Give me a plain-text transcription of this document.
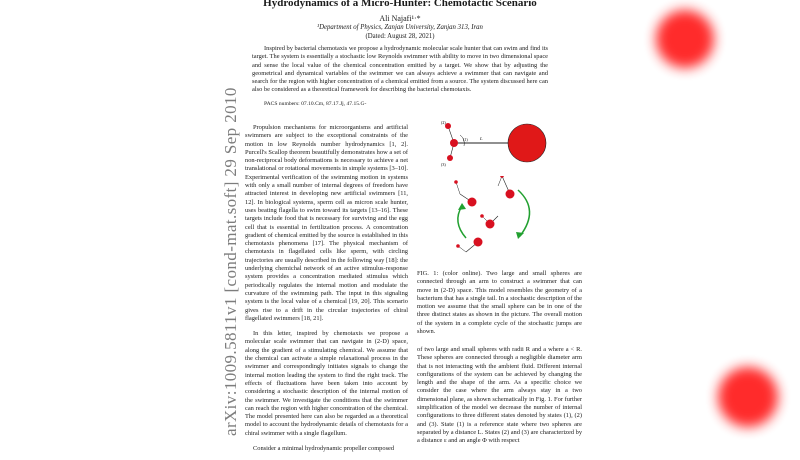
Hydrodynamics of a Micro-Hunter: Chemotactic Scenario
Ali Najafi¹·*
¹Department of Physics, Zanjan University, Zanjan 313, Iran
(Dated: August 28, 2021)

Inspired by bacterial chemotaxis we propose a hydrodynamic molecular scale hunter that can swim and find its target. The system is essentially a stochastic low Reynolds swimmer with ability to move in two dimensional space and sense the local value of the chemical concentration emitted by a target. We show that by adjusting the geometrical and dynamical variables of the swimmer we can always achieve a swimmer that can navigate and search for the region with higher concentration of a chemical emitted from a source. The system discussed here can also be considered as a theoretical framework for describing the bacterial chemotaxis.

PACS numbers: 07.10.Cm, 87.17.Jj, 47.15.G-
arXiv:1009.5811v1 [cond-mat.soft] 29 Sep 2010	Propulsion mechanisms for microorganisms and artificial swimmers are subject to the exceptional constraints of the motion in low Reynolds number hydrodynamics [1, 2]. Purcell's Scallop theorem beautifully demonstrates how a set of non-reciprocal body deformations is necessary to achieve a net translational or rotational movements in simple systems [3–10]. Experimental verification of the swimming motion in systems with only a small number of internal degrees of freedom have attracted interest in developing new artificial swimmers [11, 12]. In biological systems, sperm cell as micron scale hunter, uses beating flagella to swim toward its targets [13–16]. These targets include food that is necessary for surviving and the egg cell that is essential in fertilization process. A concentration gradient of chemical emitted by the source is established in this chemotaxis phenomena [17]. The physical mechanism of chemotaxis in flagellated cells like sperm, with circling trajectories are usually described in the following way [18]: the underlying chemichal network of an active stimulus-response system provides a concentration mediated stimulus which periodically regulates the internal motion and modulate the curvature of the swimming path. The input in this signaling system is the local value of a chemical [19, 20]. This scenario gives rise to a drift in the circular trajectories of chiral flagellated swimmers [18, 21].

In this letter, inspired by chemotaxis we propose a molecular scale swimmer that can navigate in (2-D) space, along the gradient of a stimulating chemical. We assume that the chemical can activate a simple relaxational process in the swimmer and correspondingly initiates signals to change the internal motion leading the system to find the right track. The effects of fluctuations have been taken into account by considering a stochastic description of the internal motion of the swimmer. We investigate the conditions that the swimmer can reach the region with higher concentration of the chemical. The model presented here can also be regarded as a theoretical model to account the hydrodynamic details of chemotaxis for a chiral swimmer with a single flagellum.

Consider a minimal hydrodynamic propeller composed

(2)
(1)
(3)
L

FIG. 1: (color online). Two large and small spheres are connected through an arm to construct a swimmer that can move in (2-D) space. This model resembles the geometry of a bacterium that has a single tail. In a stochastic description of the motion we assume that the small sphere can be in one of the three distinct states as shown in the picture. The overall motion of the system in a complete cycle of the stochastic jumps are shown.

of two large and small spheres with radii R and a where a < R. These spheres are connected through a negligible diameter arm that is not interacting with the ambient fluid. Different internal configurations of the system can be achieved by changing the length and the shape of the arm. As a specific choice we consider the case where the arm always stay in a two dimensional plane, as shown schematically in Fig. 1. For further simplification of the model we decrease the number of internal configurations to three different states denoted by states (1), (2) and (3). State (1) is a reference state where two spheres are separated by a distance L. States (2) and (3) are characterized by a distance ε and an angle Φ with respect
